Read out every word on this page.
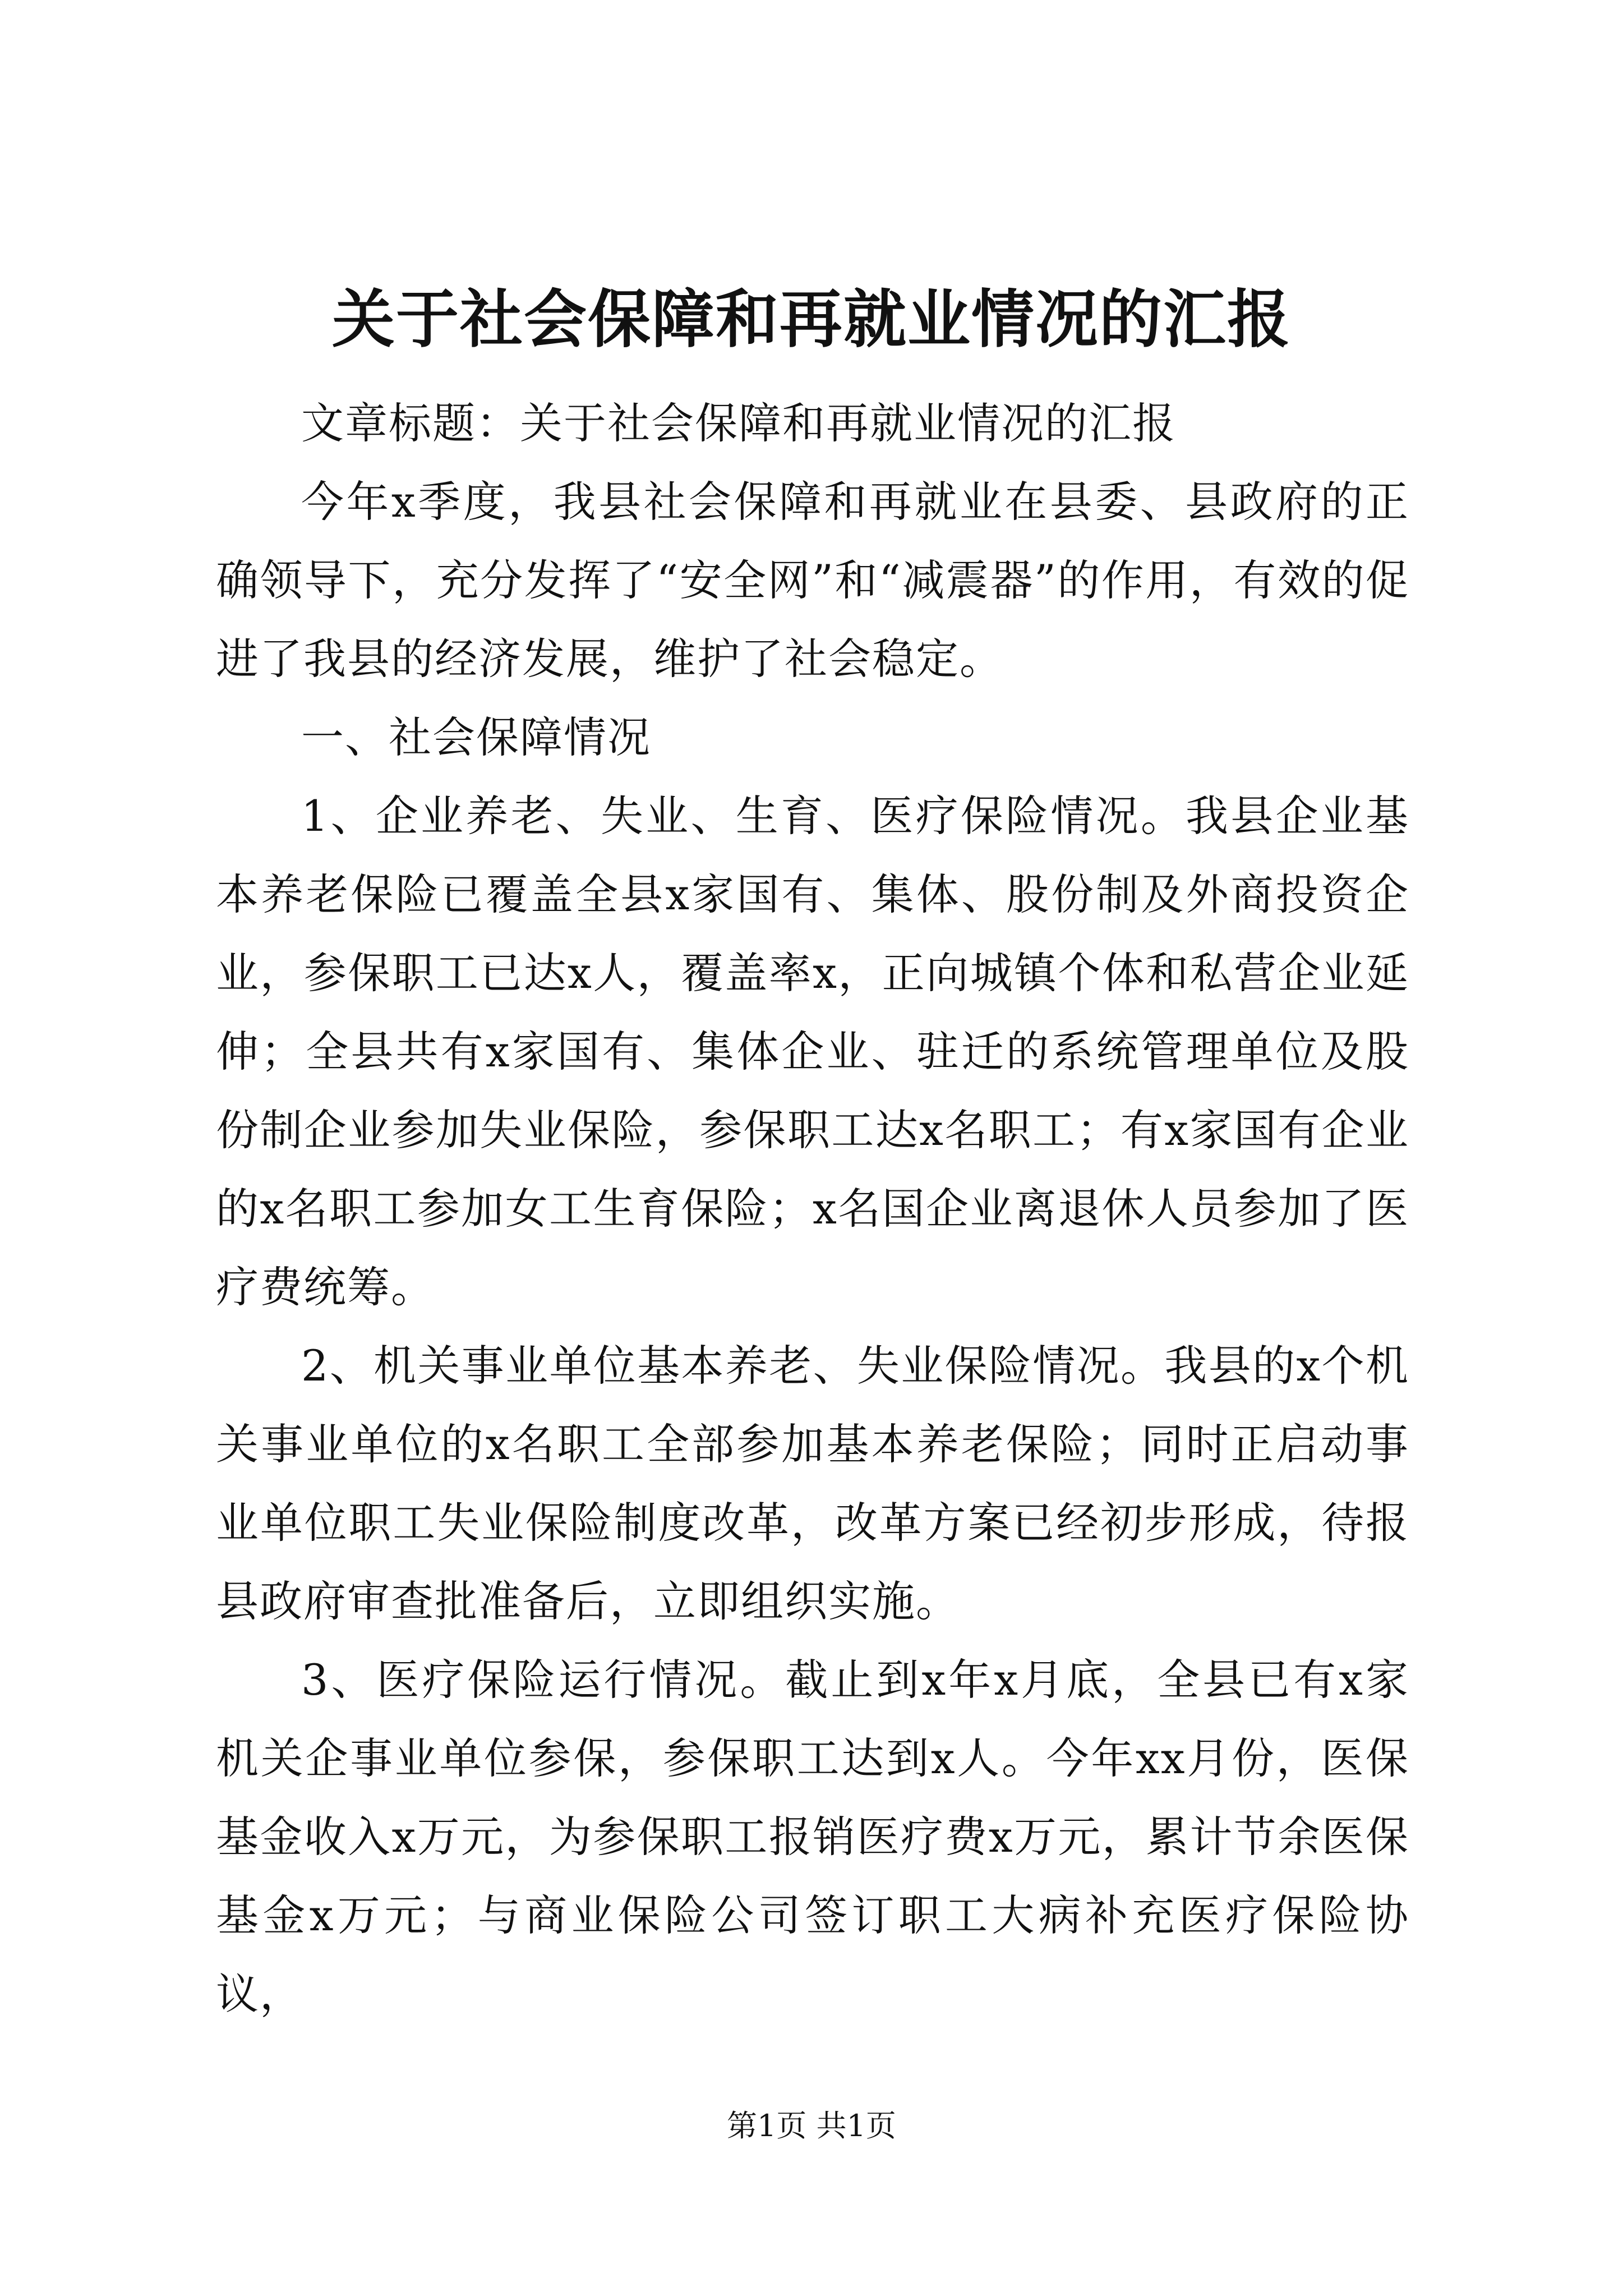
关于社会保障和再就业情况的汇报

文章标题：关于社会保障和再就业情况的汇报

今年x季度，我县社会保障和再就业在县委、县政府的正确领导下，充分发挥了“安全网”和“减震器”的作用，有效的促进了我县的经济发展，维护了社会稳定。

一、社会保障情况

1、企业养老、失业、生育、医疗保险情况。我县企业基本养老保险已覆盖全县x家国有、集体、股份制及外商投资企业，参保职工已达x人，覆盖率x，正向城镇个体和私营企业延伸；全县共有x家国有、集体企业、驻迁的系统管理单位及股份制企业参加失业保险，参保职工达x名职工；有x家国有企业的x名职工参加女工生育保险；x名国企业离退休人员参加了医疗费统筹。

2、机关事业单位基本养老、失业保险情况。我县的x个机关事业单位的x名职工全部参加基本养老保险；同时正启动事业单位职工失业保险制度改革，改革方案已经初步形成，待报县政府审查批准备后，立即组织实施。

3、医疗保险运行情况。截止到x年x月底，全县已有x家机关企事业单位参保，参保职工达到x人。今年xx月份，医保基金收入x万元，为参保职工报销医疗费x万元，累计节余医保基金x万元；与商业保险公司签订职工大病补充医疗保险协议，

第1页 共1页
